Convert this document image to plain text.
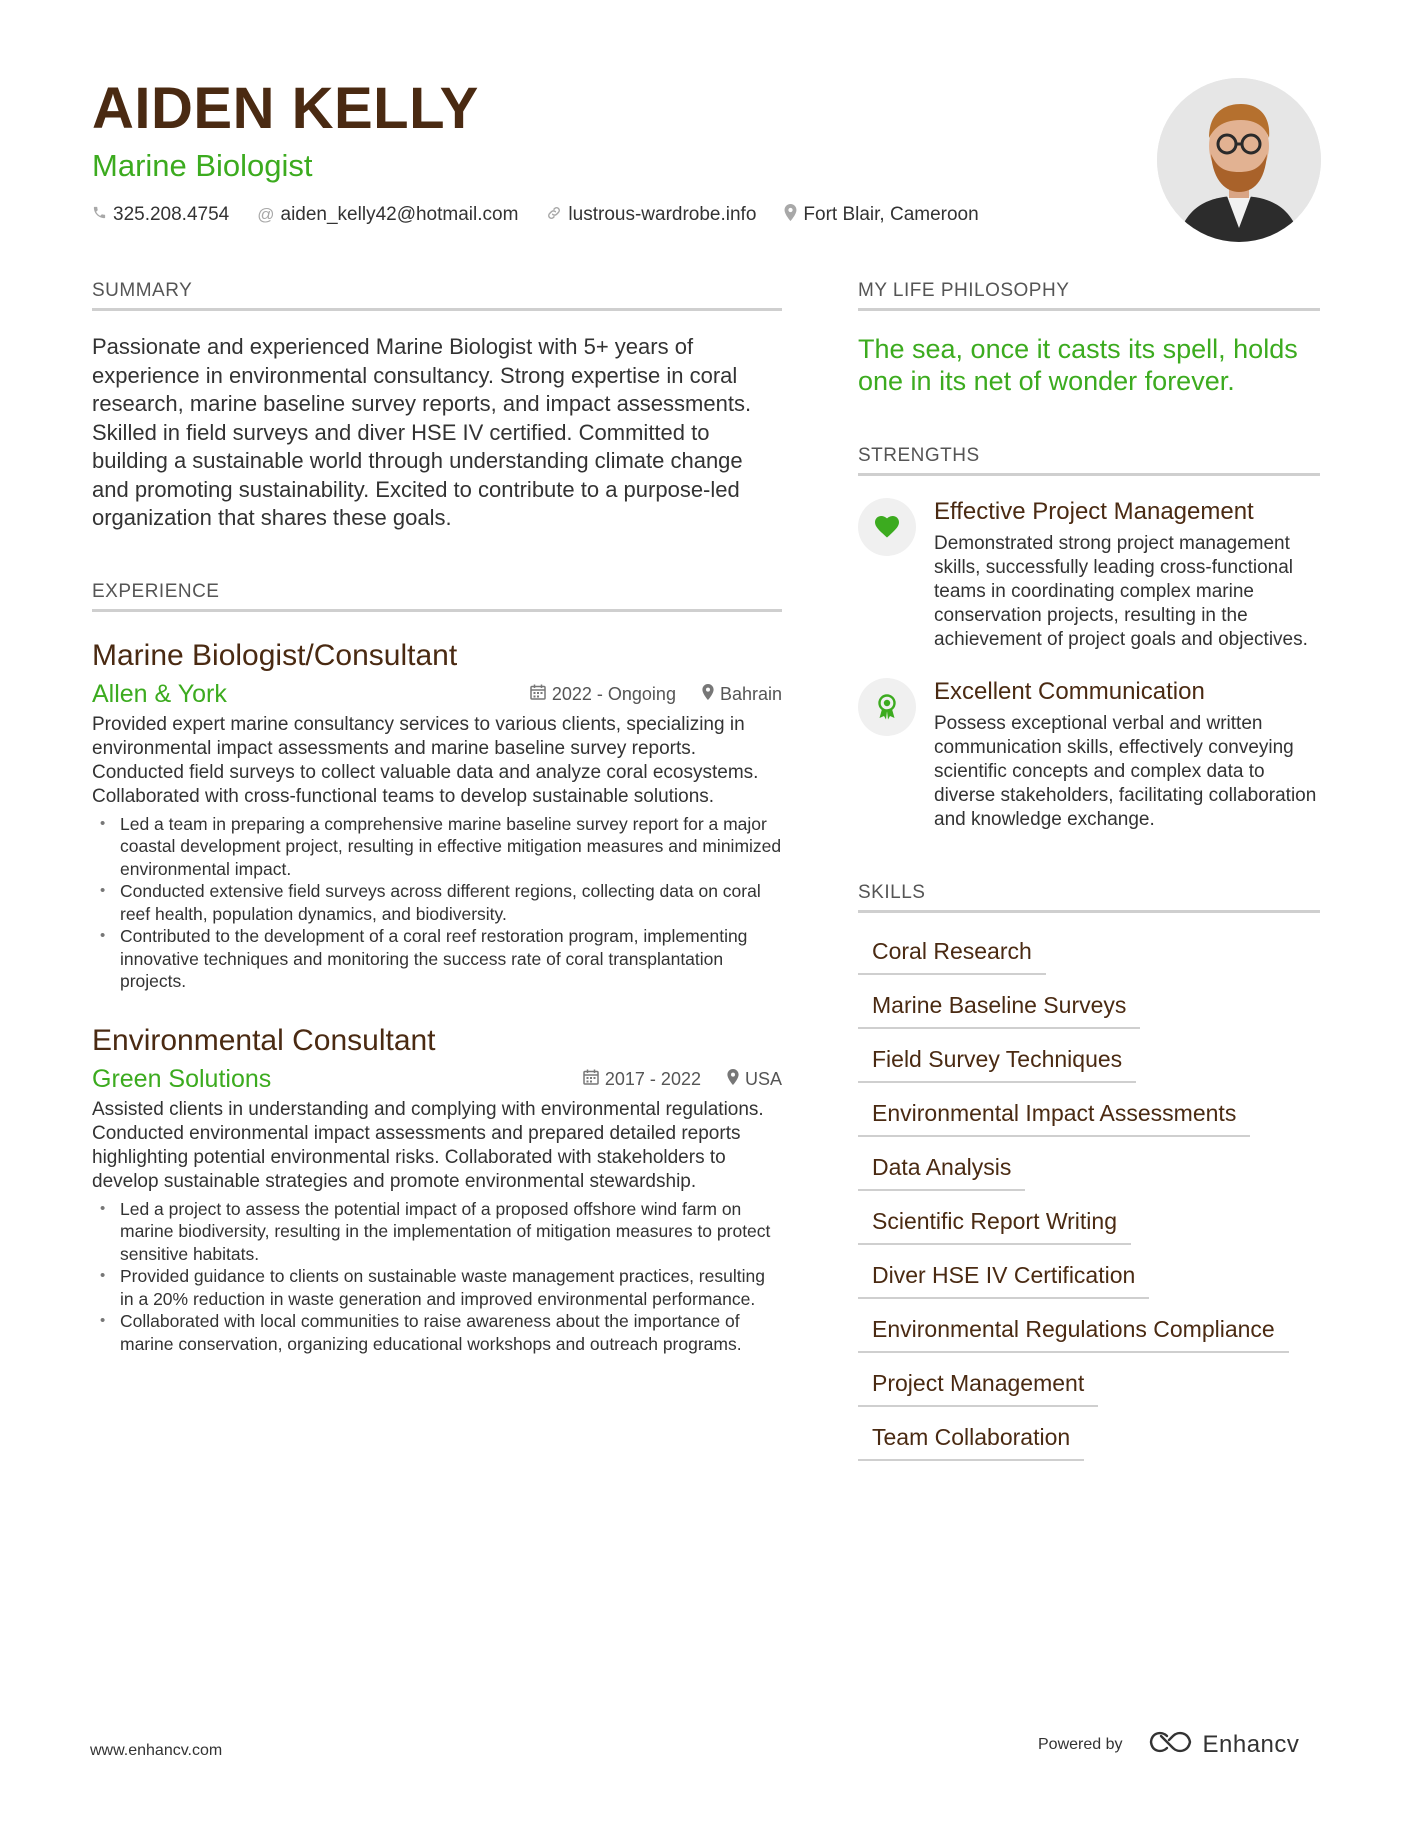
AIDEN KELLY
Marine Biologist
325.208.4754 @ aiden_kelly42@hotmail.com	lustrous-wardrobe.info Fort Blair, Cameroon
SUMMARY
Passionate and experienced Marine Biologist with 5+ years of experience in environmental consultancy. Strong expertise in coral research, marine baseline survey reports, and impact assessments. Skilled in field surveys and diver HSE IV certified. Committed to building a sustainable world through understanding climate change and promoting sustainability. Excited to contribute to a purpose-led organization that shares these goals.
EXPERIENCE
Marine Biologist/Consultant
Allen & York	2022 - Ongoing Bahrain
Provided expert marine consultancy services to various clients, specializing in environmental impact assessments and marine baseline survey reports. Conducted field surveys to collect valuable data and analyze coral ecosystems. Collaborated with cross-functional teams to develop sustainable solutions.
• Led a team in preparing a comprehensive marine baseline survey report for a major coastal development project, resulting in effective mitigation measures and minimized environmental impact.
• Conducted extensive field surveys across different regions, collecting data on coral reef health, population dynamics, and biodiversity.
• Contributed to the development of a coral reef restoration program, implementing innovative techniques and monitoring the success rate of coral transplantation projects.
Environmental Consultant
Green Solutions	2017 - 2022 USA
Assisted clients in understanding and complying with environmental regulations. Conducted environmental impact assessments and prepared detailed reports highlighting potential environmental risks. Collaborated with stakeholders to develop sustainable strategies and promote environmental stewardship.
• Led a project to assess the potential impact of a proposed offshore wind farm on marine biodiversity, resulting in the implementation of mitigation measures to protect sensitive habitats.
• Provided guidance to clients on sustainable waste management practices, resulting in a 20% reduction in waste generation and improved environmental performance.
• Collaborated with local communities to raise awareness about the importance of marine conservation, organizing educational workshops and outreach programs.
MY LIFE PHILOSOPHY
The sea, once it casts its spell, holds one in its net of wonder forever.
STRENGTHS
Effective Project Management
Demonstrated strong project management skills, successfully leading cross-functional teams in coordinating complex marine conservation projects, resulting in the achievement of project goals and objectives.
Excellent Communication
Possess exceptional verbal and written communication skills, effectively conveying scientific concepts and complex data to diverse stakeholders, facilitating collaboration and knowledge exchange.
SKILLS
Coral Research
Marine Baseline Surveys
Field Survey Techniques
Environmental Impact Assessments
Data Analysis
Scientific Report Writing
Diver HSE IV Certification
Environmental Regulations Compliance
Project Management
Team Collaboration
www.enhancv.com	Powered by	Enhancv
